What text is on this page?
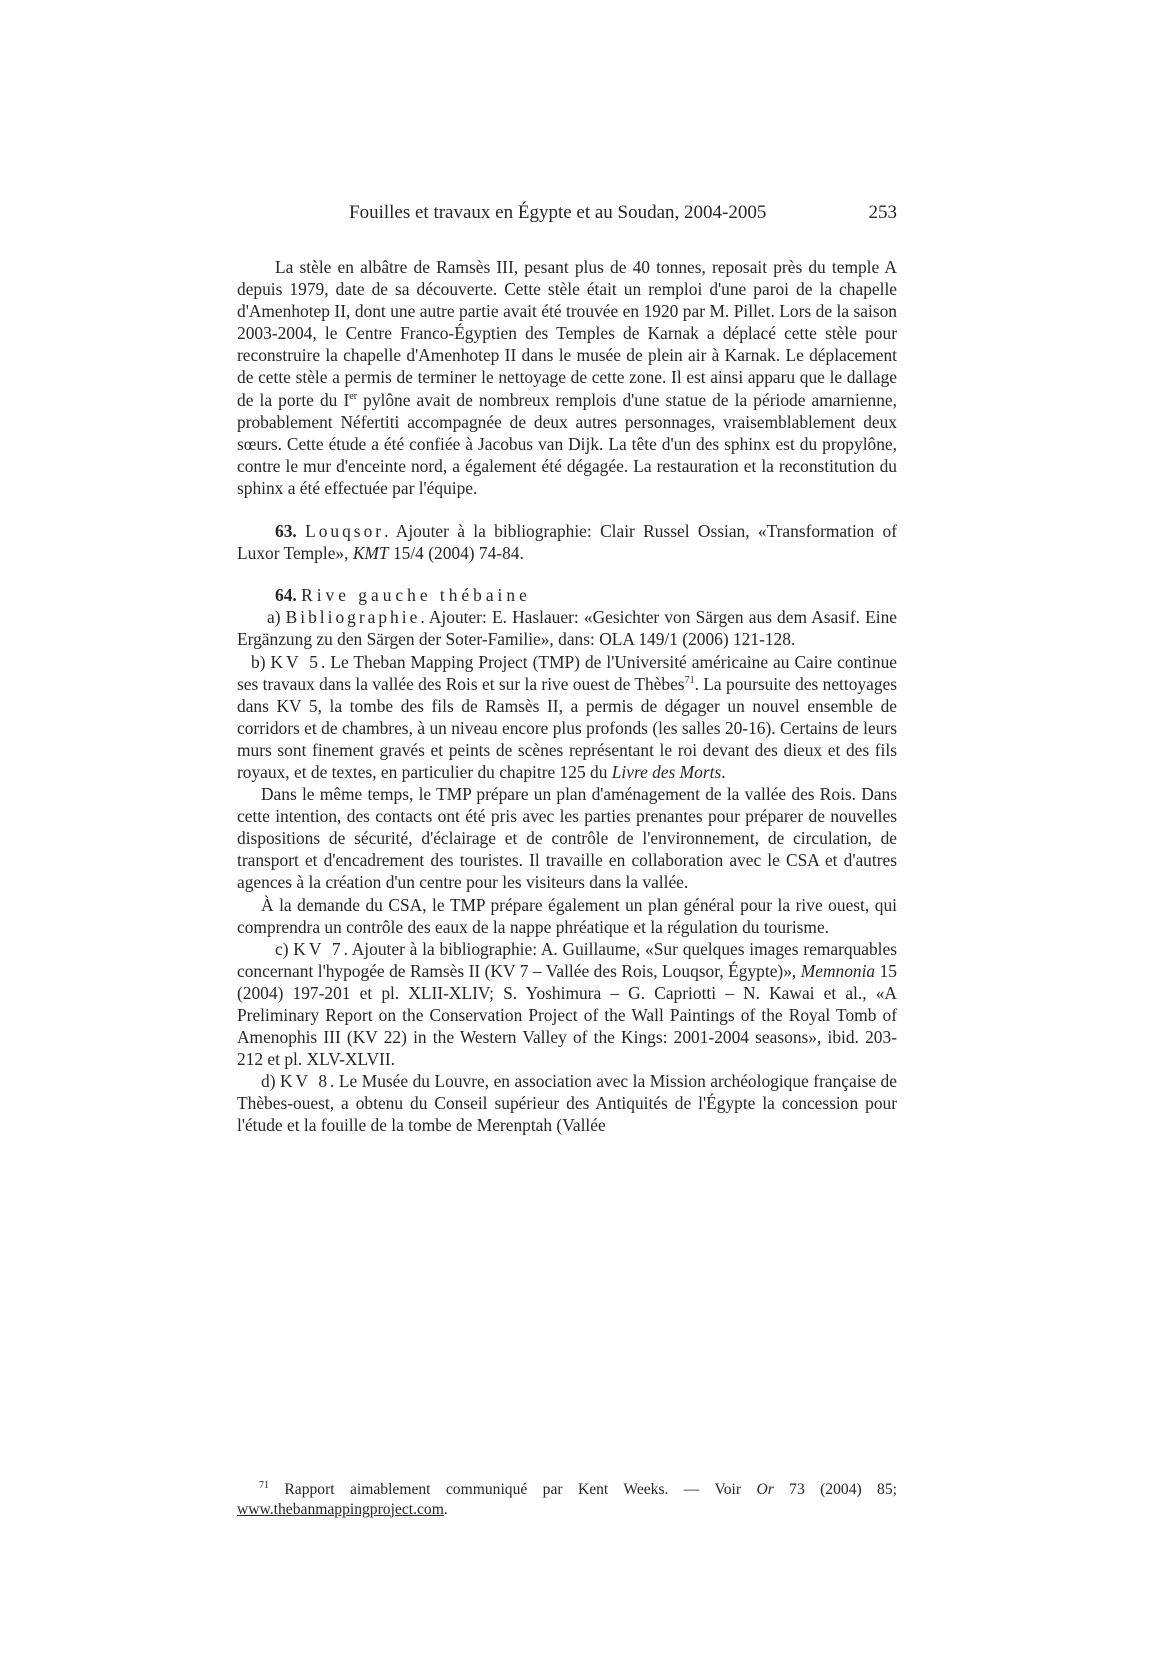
Fouilles et travaux en Égypte et au Soudan, 2004-2005	253

La stèle en albâtre de Ramsès III, pesant plus de 40 tonnes, reposait près du temple A depuis 1979, date de sa découverte. Cette stèle était un remploi d'une paroi de la chapelle d'Amenhotep II, dont une autre partie avait été trouvée en 1920 par M. Pillet. Lors de la saison 2003-2004, le Centre Franco-Égyptien des Temples de Karnak a déplacé cette stèle pour reconstruire la chapelle d'Amenhotep II dans le musée de plein air à Karnak. Le déplacement de cette stèle a permis de terminer le nettoyage de cette zone. Il est ainsi apparu que le dallage de la porte du Ier pylône avait de nombreux remplois d'une statue de la période amarnienne, probablement Néfertiti accompagnée de deux autres personnages, vraisemblablement deux sœurs. Cette étude a été confiée à Jacobus van Dijk. La tête d'un des sphinx est du propylône, contre le mur d'enceinte nord, a également été dégagée. La restauration et la reconstitution du sphinx a été effectuée par l'équipe.

63. Louqsor. Ajouter à la bibliographie: Clair Russel Ossian, «Transformation of Luxor Temple», KMT 15/4 (2004) 74-84.

64. Rive gauche thébaine

a) Bibliographie. Ajouter: E. Haslauer: «Gesichter von Särgen aus dem Asasif. Eine Ergänzung zu den Särgen der Soter-Familie», dans: OLA 149/1 (2006) 121-128.

b) KV 5. Le Theban Mapping Project (TMP) de l'Université américaine au Caire continue ses travaux dans la vallée des Rois et sur la rive ouest de Thèbes$^{71}$. La poursuite des nettoyages dans KV 5, la tombe des fils de Ramsès II, a permis de dégager un nouvel ensemble de corridors et de chambres, à un niveau encore plus profonds (les salles 20-16). Certains de leurs murs sont finement gravés et peints de scènes représentant le roi devant des dieux et des fils royaux, et de textes, en particulier du chapitre 125 du Livre des Morts.

Dans le même temps, le TMP prépare un plan d'aménagement de la vallée des Rois. Dans cette intention, des contacts ont été pris avec les parties prenantes pour préparer de nouvelles dispositions de sécurité, d'éclairage et de contrôle de l'environnement, de circulation, de transport et d'encadrement des touristes. Il travaille en collaboration avec le CSA et d'autres agences à la création d'un centre pour les visiteurs dans la vallée.

À la demande du CSA, le TMP prépare également un plan général pour la rive ouest, qui comprendra un contrôle des eaux de la nappe phréatique et la régulation du tourisme.

c) KV 7. Ajouter à la bibliographie: A. Guillaume, «Sur quelques images remarquables concernant l'hypogée de Ramsès II (KV 7 – Vallée des Rois, Louqsor, Égypte)», Memnonia 15 (2004) 197-201 et pl. XLII-XLIV; S. Yoshimura – G. Capriotti – N. Kawai et al., «A Preliminary Report on the Conservation Project of the Wall Paintings of the Royal Tomb of Amenophis III (KV 22) in the Western Valley of the Kings: 2001-2004 seasons», ibid. 203-212 et pl. XLV-XLVII.

d) KV 8. Le Musée du Louvre, en association avec la Mission archéologique française de Thèbes-ouest, a obtenu du Conseil supérieur des Antiquités de l'Égypte la concession pour l'étude et la fouille de la tombe de Merenptah (Vallée

$^{71}$ Rapport aimablement communiqué par Kent Weeks. — Voir Or 73 (2004) 85; www.thebanmappingproject.com.
